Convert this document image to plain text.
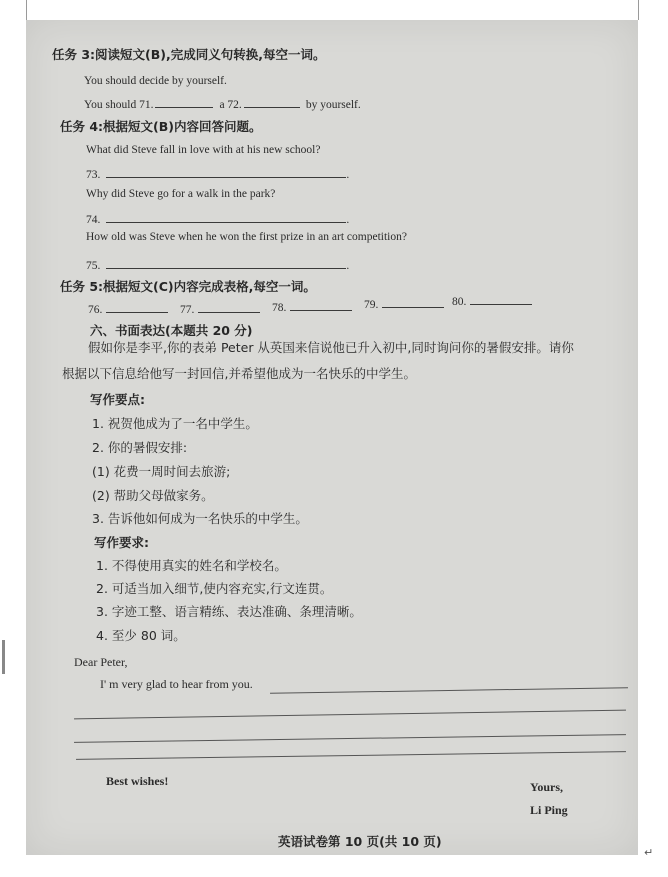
任务 3:阅读短文(B),完成同义句转换,每空一词。
You should decide by yourself.
You should 71.	a 72.	by yourself.
任务 4:根据短文(B)内容回答问题。
What did Steve fall in love with at his new school?
73.	.
Why did Steve go for a walk in the park?
74.	.
How old was Steve when he won the first prize in an art competition?
75.	.
任务 5:根据短文(C)内容完成表格,每空一词。
76.	77.	78.	79.	80.
六、书面表达(本题共 20 分)
假如你是李平,你的表弟 Peter 从英国来信说他已升入初中,同时询问你的暑假安排。请你
根据以下信息给他写一封回信,并希望他成为一名快乐的中学生。
写作要点:
1. 祝贺他成为了一名中学生。
2. 你的暑假安排:
(1) 花费一周时间去旅游;
(2) 帮助父母做家务。
3. 告诉他如何成为一名快乐的中学生。
写作要求:
1. 不得使用真实的姓名和学校名。
2. 可适当加入细节,使内容充实,行文连贯。
3. 字迹工整、语言精练、表达准确、条理清晰。
4. 至少 80 词。
Dear Peter,
I' m very glad to hear from you.
Best wishes!	Yours,
Li Ping
英语试卷第 10 页(共 10 页)
↵
